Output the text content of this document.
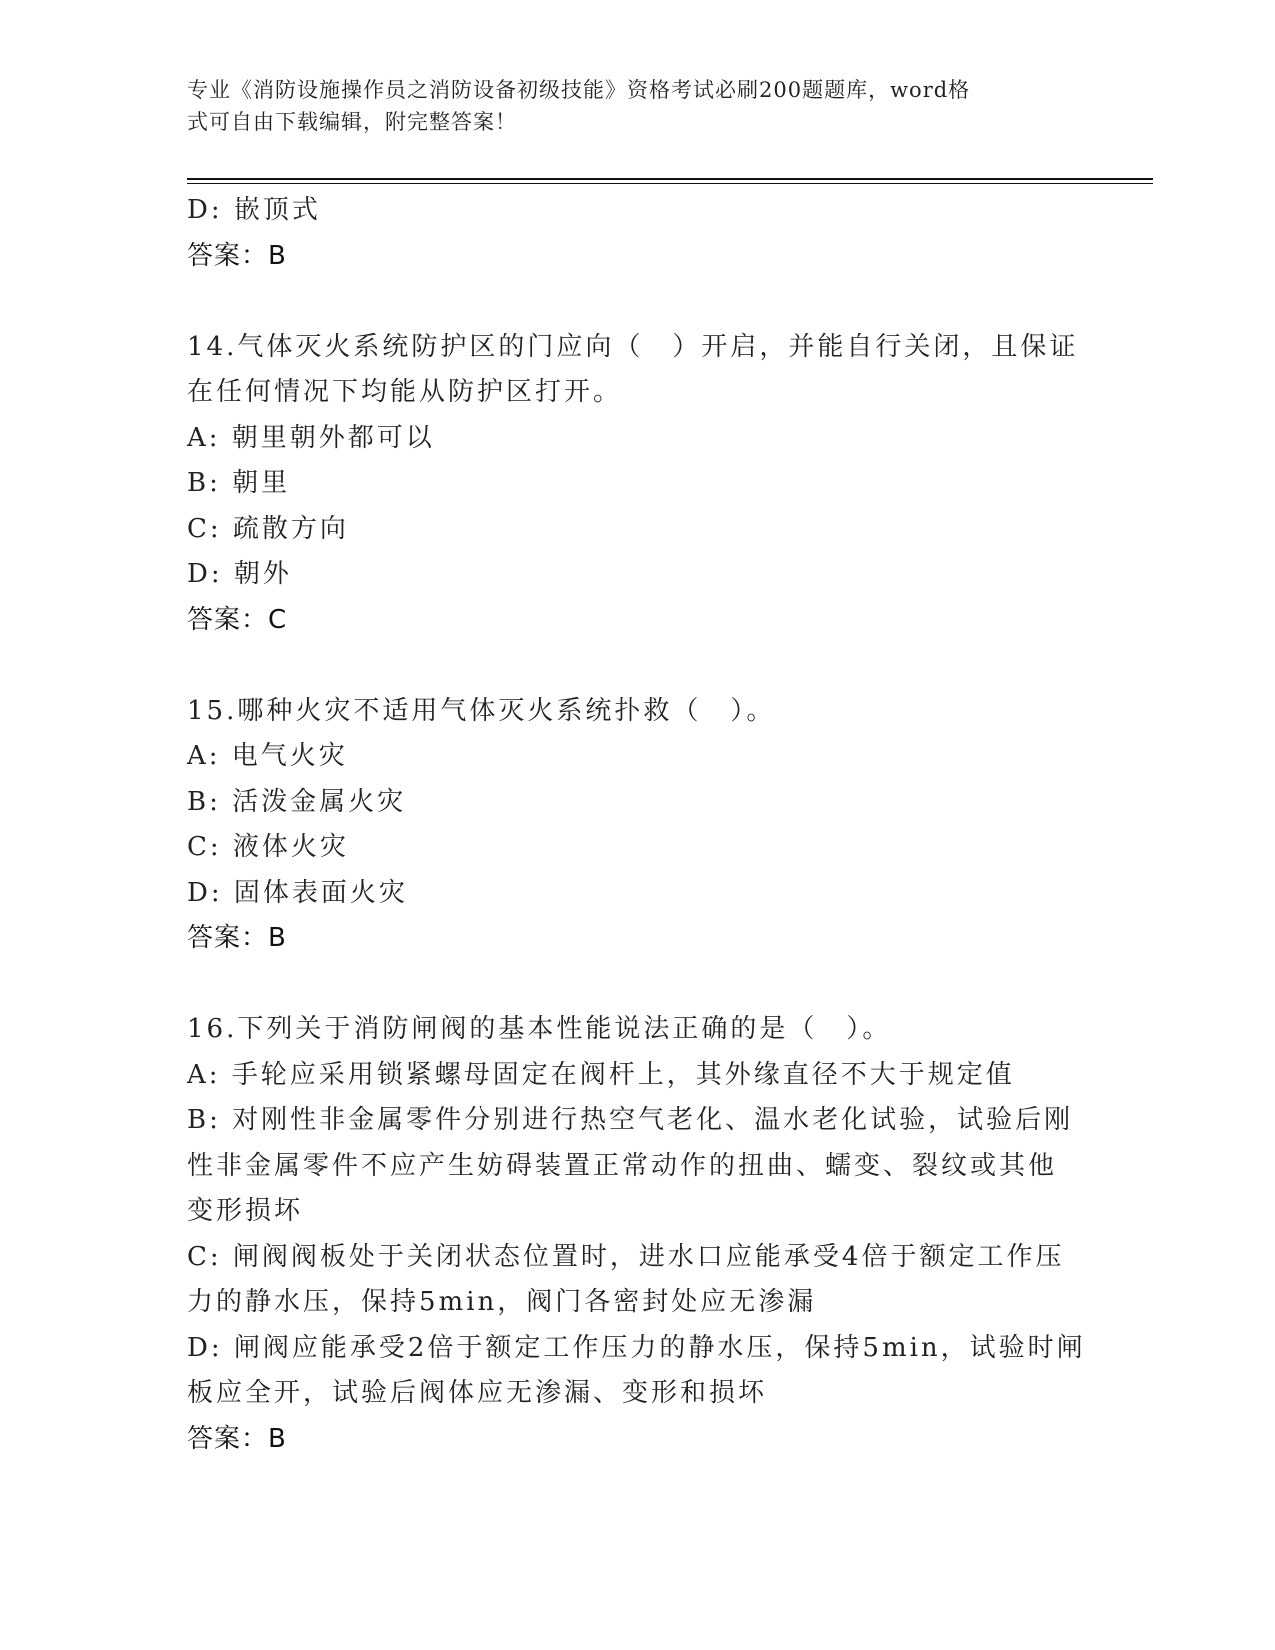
专业《消防设施操作员之消防设备初级技能》资格考试必刷200题题库，word格
式可自由下载编辑，附完整答案！
D: 嵌顶式
答案：B
14.气体灭火系统防护区的门应向（　）开启，并能自行关闭，且保证
在任何情况下均能从防护区打开。
A: 朝里朝外都可以
B: 朝里
C: 疏散方向
D: 朝外
答案：C
15.哪种火灾不适用气体灭火系统扑救（　）。
A: 电气火灾
B: 活泼金属火灾
C: 液体火灾
D: 固体表面火灾
答案：B
16.下列关于消防闸阀的基本性能说法正确的是（　）。
A: 手轮应采用锁紧螺母固定在阀杆上，其外缘直径不大于规定值
B: 对刚性非金属零件分别进行热空气老化、温水老化试验，试验后刚
性非金属零件不应产生妨碍装置正常动作的扭曲、蠕变、裂纹或其他
变形损坏
C: 闸阀阀板处于关闭状态位置时，进水口应能承受4倍于额定工作压
力的静水压，保持5min，阀门各密封处应无渗漏
D: 闸阀应能承受2倍于额定工作压力的静水压，保持5min，试验时闸
板应全开，试验后阀体应无渗漏、变形和损坏
答案：B
